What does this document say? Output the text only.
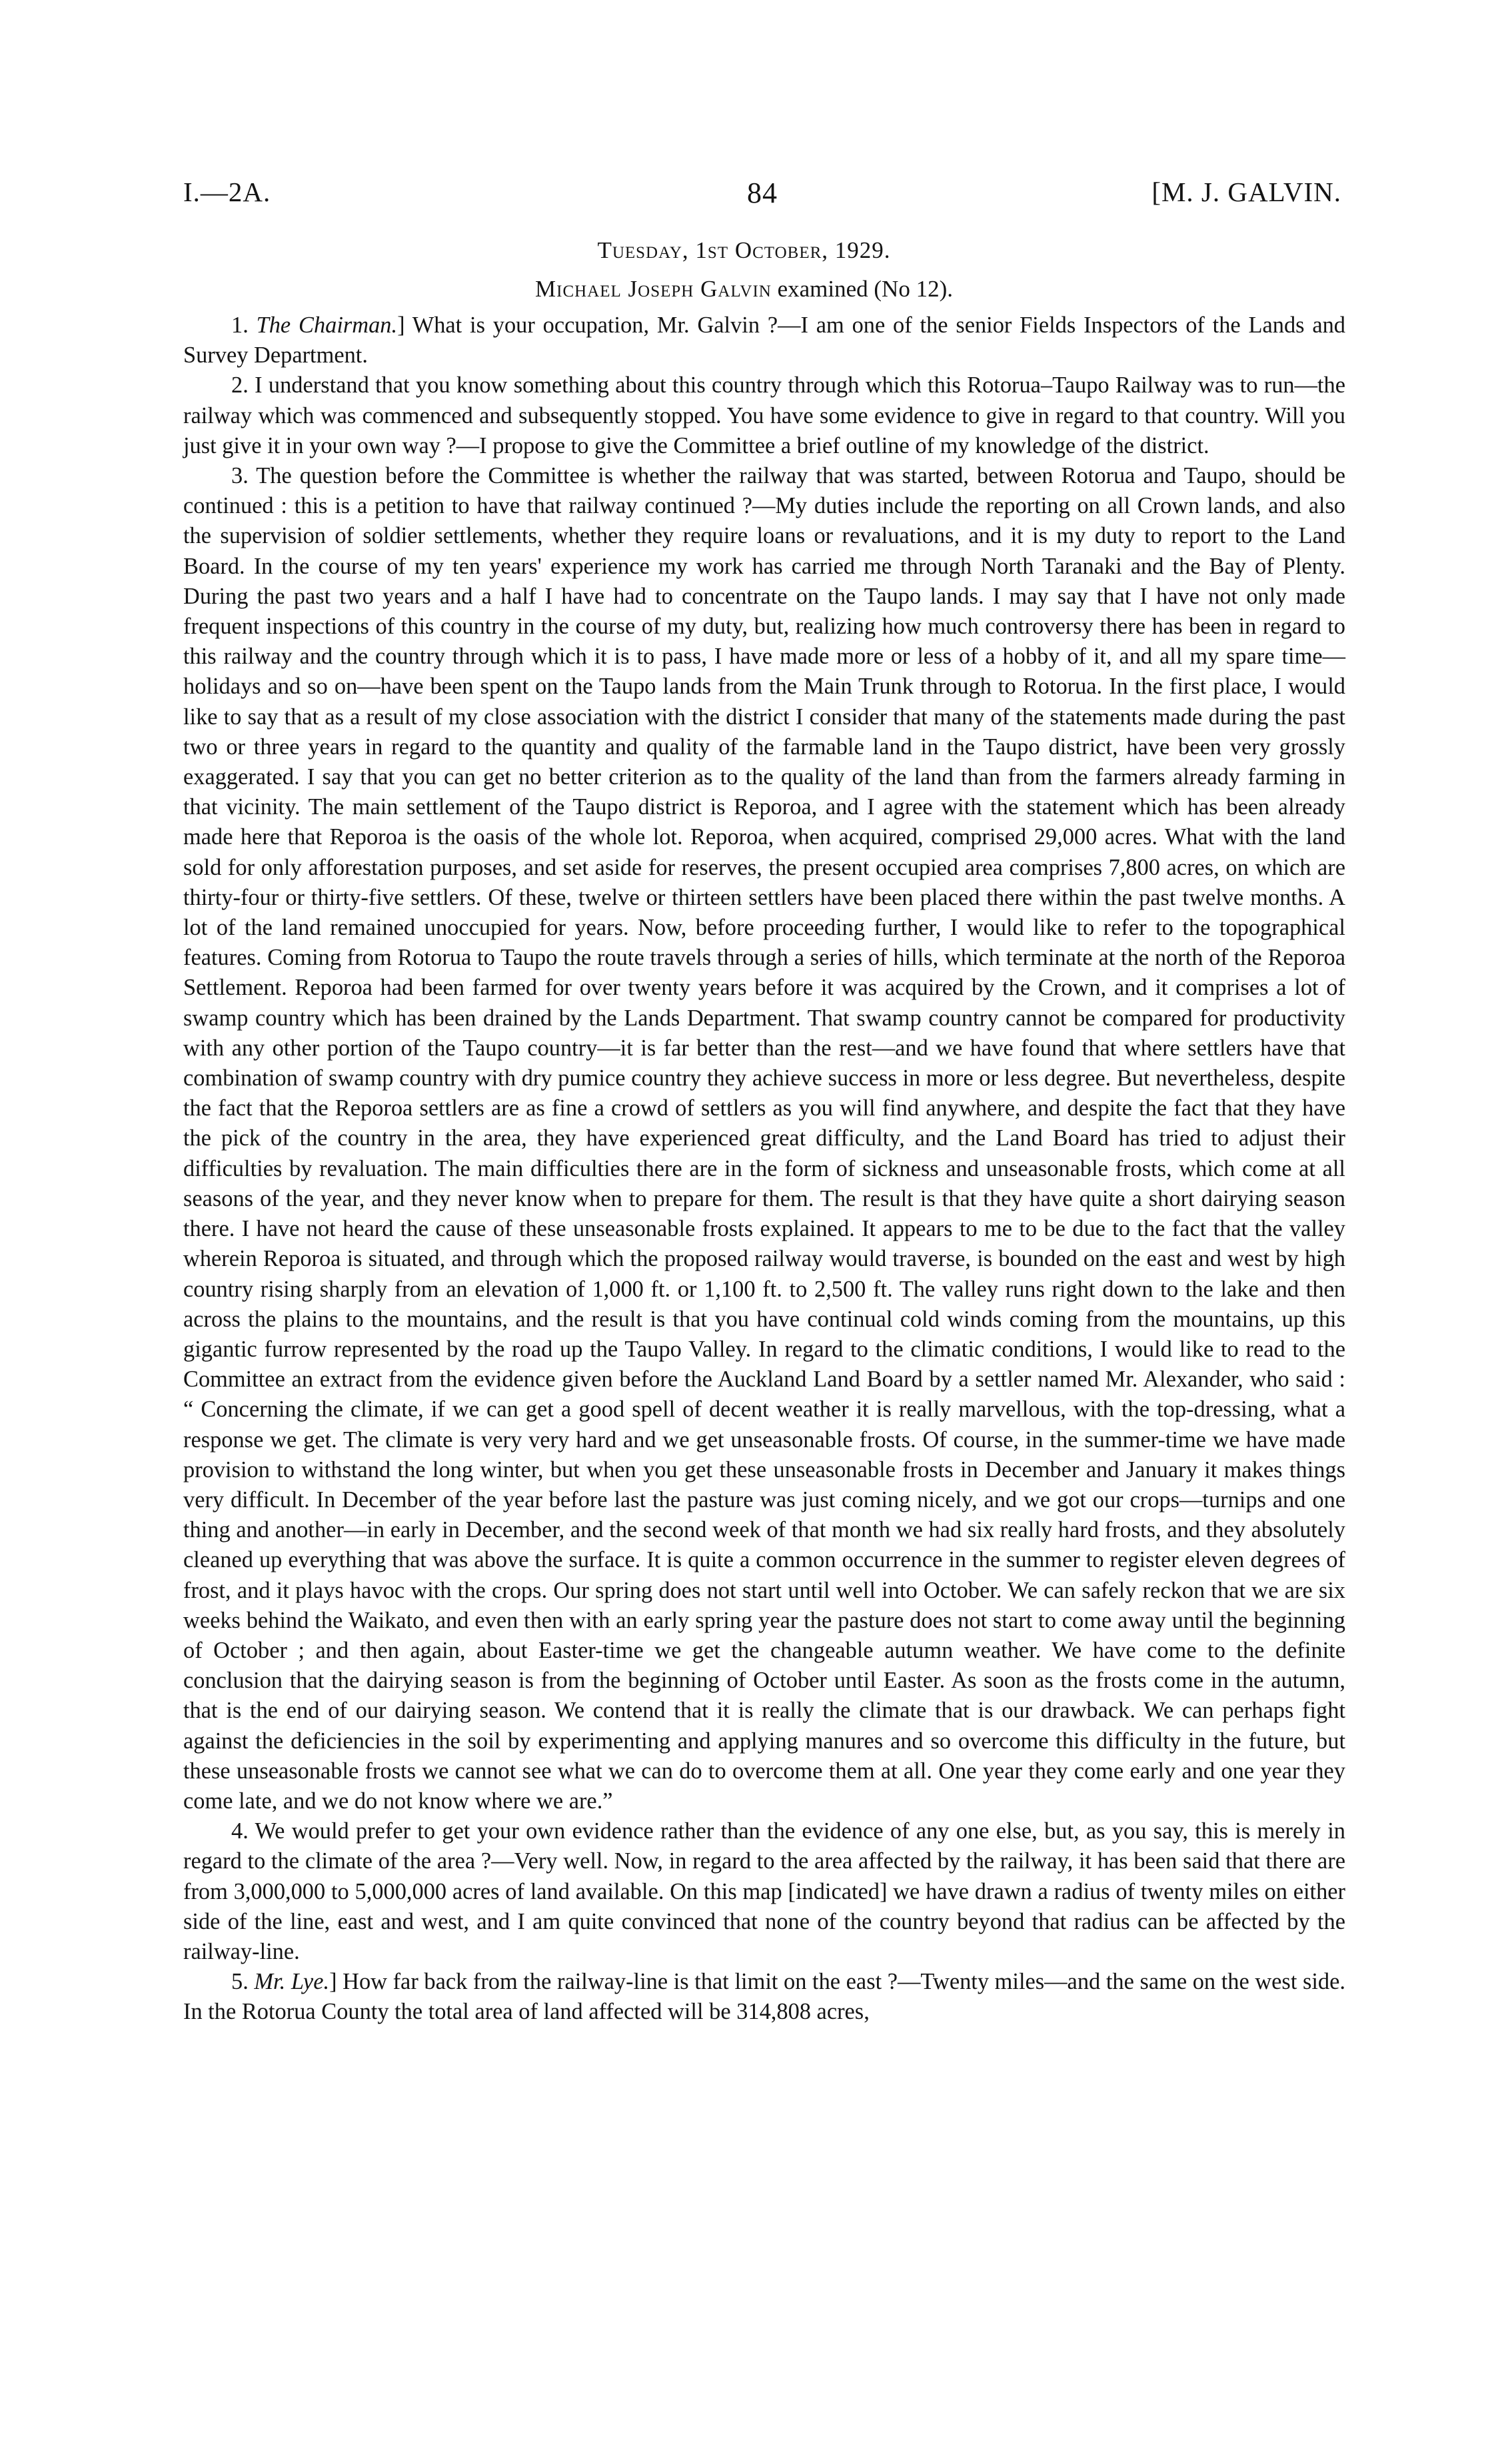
I.—2A.	84	[M. J. GALVIN.
Tuesday, 1st October, 1929.
Michael Joseph Galvin examined (No 12).

1. The Chairman.] What is your occupation, Mr. Galvin ?—I am one of the senior Fields Inspectors of the Lands and Survey Department.

2. I understand that you know something about this country through which this Rotorua–Taupo Railway was to run—the railway which was commenced and subsequently stopped. You have some evidence to give in regard to that country. Will you just give it in your own way ?—I propose to give the Committee a brief outline of my knowledge of the district.

3. The question before the Committee is whether the railway that was started, between Rotorua and Taupo, should be continued : this is a petition to have that railway continued ?—My duties include the reporting on all Crown lands, and also the supervision of soldier settlements, whether they require loans or revaluations, and it is my duty to report to the Land Board. In the course of my ten years' experience my work has carried me through North Taranaki and the Bay of Plenty. During the past two years and a half I have had to concentrate on the Taupo lands. I may say that I have not only made frequent inspections of this country in the course of my duty, but, realizing how much controversy there has been in regard to this railway and the country through which it is to pass, I have made more or less of a hobby of it, and all my spare time—holidays and so on—have been spent on the Taupo lands from the Main Trunk through to Rotorua. In the first place, I would like to say that as a result of my close association with the district I consider that many of the statements made during the past two or three years in regard to the quantity and quality of the farmable land in the Taupo district, have been very grossly exaggerated. I say that you can get no better criterion as to the quality of the land than from the farmers already farming in that vicinity. The main settlement of the Taupo district is Reporoa, and I agree with the statement which has been already made here that Reporoa is the oasis of the whole lot. Reporoa, when acquired, comprised 29,000 acres. What with the land sold for only afforestation purposes, and set aside for reserves, the present occupied area comprises 7,800 acres, on which are thirty-four or thirty-five settlers. Of these, twelve or thirteen settlers have been placed there within the past twelve months. A lot of the land remained unoccupied for years. Now, before proceeding further, I would like to refer to the topographical features. Coming from Rotorua to Taupo the route travels through a series of hills, which terminate at the north of the Reporoa Settlement. Reporoa had been farmed for over twenty years before it was acquired by the Crown, and it comprises a lot of swamp country which has been drained by the Lands Department. That swamp country cannot be compared for productivity with any other portion of the Taupo country—it is far better than the rest—and we have found that where settlers have that combination of swamp country with dry pumice country they achieve success in more or less degree. But nevertheless, despite the fact that the Reporoa settlers are as fine a crowd of settlers as you will find anywhere, and despite the fact that they have the pick of the country in the area, they have experienced great difficulty, and the Land Board has tried to adjust their difficulties by revaluation. The main difficulties there are in the form of sickness and unseasonable frosts, which come at all seasons of the year, and they never know when to prepare for them. The result is that they have quite a short dairying season there. I have not heard the cause of these unseasonable frosts explained. It appears to me to be due to the fact that the valley wherein Reporoa is situated, and through which the proposed railway would traverse, is bounded on the east and west by high country rising sharply from an elevation of 1,000 ft. or 1,100 ft. to 2,500 ft. The valley runs right down to the lake and then across the plains to the mountains, and the result is that you have continual cold winds coming from the mountains, up this gigantic furrow represented by the road up the Taupo Valley. In regard to the climatic conditions, I would like to read to the Committee an extract from the evidence given before the Auckland Land Board by a settler named Mr. Alexander, who said : “ Concerning the climate, if we can get a good spell of decent weather it is really marvellous, with the top-dressing, what a response we get. The climate is very very hard and we get unseasonable frosts. Of course, in the summer-time we have made provision to withstand the long winter, but when you get these unseasonable frosts in December and January it makes things very difficult. In December of the year before last the pasture was just coming nicely, and we got our crops—turnips and one thing and another—in early in December, and the second week of that month we had six really hard frosts, and they absolutely cleaned up everything that was above the surface. It is quite a common occurrence in the summer to register eleven degrees of frost, and it plays havoc with the crops. Our spring does not start until well into October. We can safely reckon that we are six weeks behind the Waikato, and even then with an early spring year the pasture does not start to come away until the beginning of October ; and then again, about Easter-time we get the changeable autumn weather. We have come to the definite conclusion that the dairying season is from the beginning of October until Easter. As soon as the frosts come in the autumn, that is the end of our dairying season. We contend that it is really the climate that is our drawback. We can perhaps fight against the deficiencies in the soil by experimenting and applying manures and so overcome this difficulty in the future, but these unseasonable frosts we cannot see what we can do to overcome them at all. One year they come early and one year they come late, and we do not know where we are.”

4. We would prefer to get your own evidence rather than the evidence of any one else, but, as you say, this is merely in regard to the climate of the area ?—Very well. Now, in regard to the area affected by the railway, it has been said that there are from 3,000,000 to 5,000,000 acres of land available. On this map [indicated] we have drawn a radius of twenty miles on either side of the line, east and west, and I am quite convinced that none of the country beyond that radius can be affected by the railway-line.

5. Mr. Lye.] How far back from the railway-line is that limit on the east ?—Twenty miles—and the same on the west side. In the Rotorua County the total area of land affected will be 314,808 acres,
